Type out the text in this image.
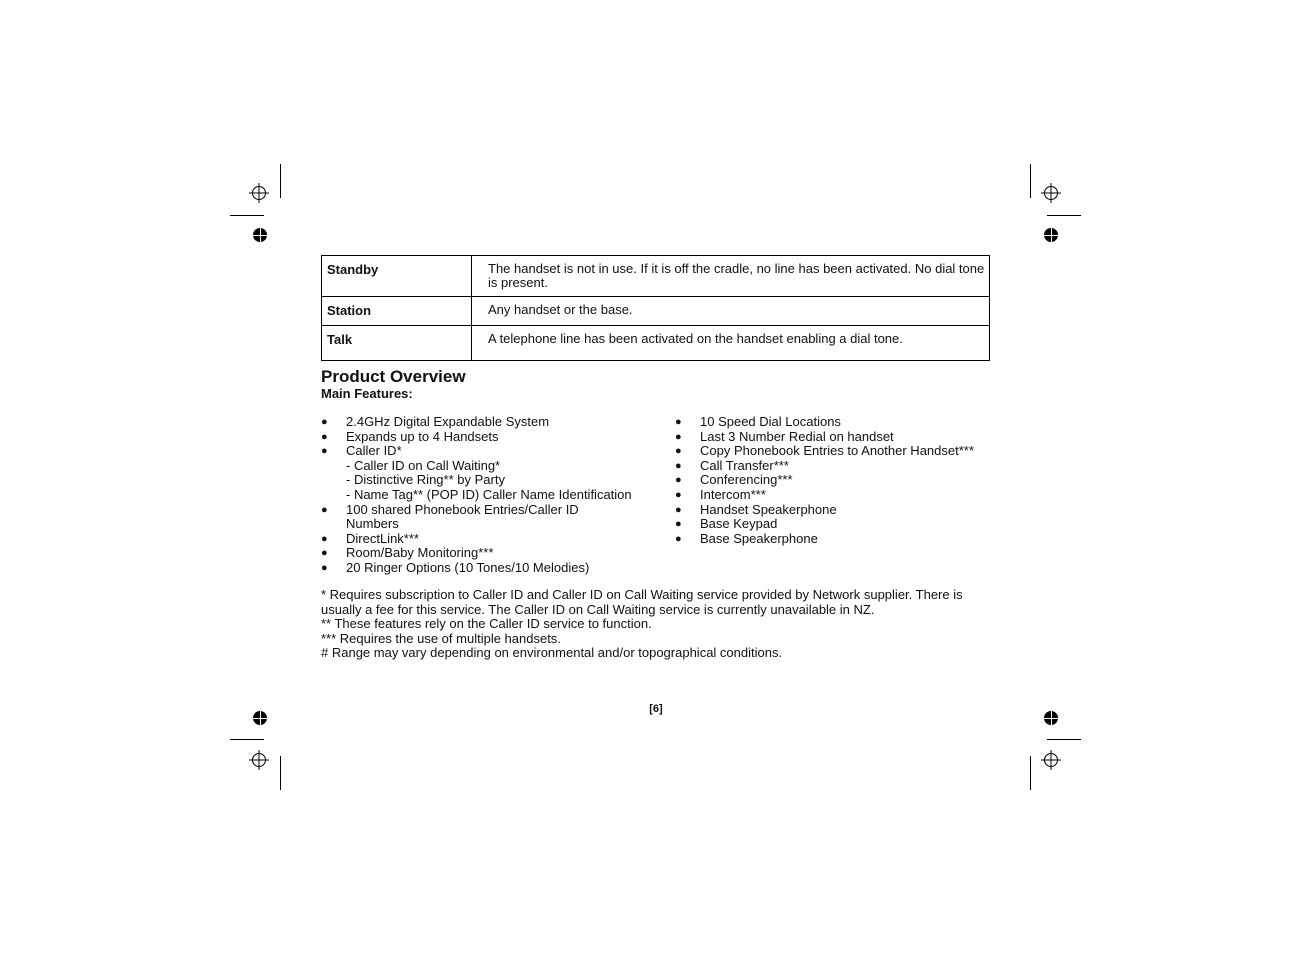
Standby	The handset is not in use. If it is off the cradle, no line has been activated. No dial tone is present.
Station	Any handset or the base.
Talk	A telephone line has been activated on the handset enabling a dial tone.
Product Overview
Main Features:
● 2.4GHz Digital Expandable System
● Expands up to 4 Handsets
● Caller ID*
- Caller ID on Call Waiting*
- Distinctive Ring** by Party
- Name Tag** (POP ID) Caller Name Identification
● 100 shared Phonebook Entries/Caller ID Numbers
● DirectLink***
● Room/Baby Monitoring***
● 20 Ringer Options (10 Tones/10 Melodies)
● 10 Speed Dial Locations
● Last 3 Number Redial on handset
● Copy Phonebook Entries to Another Handset***
● Call Transfer***
● Conferencing***
● Intercom***
● Handset Speakerphone
● Base Keypad
● Base Speakerphone

* Requires subscription to Caller ID and Caller ID on Call Waiting service provided by Network supplier. There is usually a fee for this service. The Caller ID on Call Waiting service is currently unavailable in NZ.

** These features rely on the Caller ID service to function.

*** Requires the use of multiple handsets.

# Range may vary depending on environmental and/or topographical conditions.

[6]
